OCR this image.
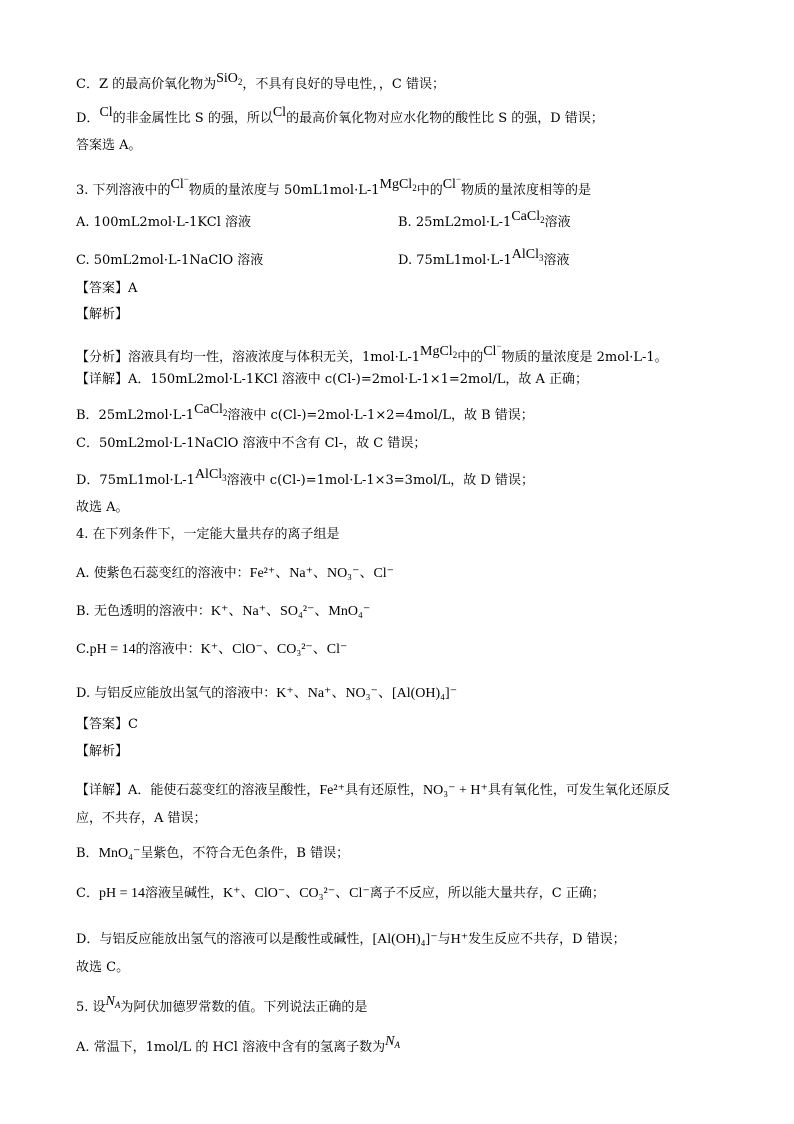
C．Z 的最高价氧化物为SiO$_2$，不具有良好的导电性，，C 错误；
D．Cl的非金属性比 S 的强，所以Cl的最高价氧化物对应水化物的酸性比 S 的强，D 错误；
答案选 A。
3. 下列溶液中的Cl−物质的量浓度与 50mL1mol·L-1MgCl$_2$中的Cl−物质的量浓度相等的是
A. 100mL2mol·L-1KCl 溶液	B. 25mL2mol·L-1CaCl$_2$溶液
C. 50mL2mol·L-1NaClO 溶液	D. 75mL1mol·L-1AlCl$_3$溶液
【答案】A
【解析】
【分析】溶液具有均一性，溶液浓度与体积无关，1mol·L-1MgCl$_2$中的Cl−物质的量浓度是 2mol·L-1。
【详解】A．150mL2mol·L-1KCl 溶液中 c(Cl-)=2mol·L-1×1=2mol/L，故 A 正确；
B．25mL2mol·L-1CaCl$_2$溶液中 c(Cl-)=2mol·L-1×2=4mol/L，故 B 错误；
C．50mL2mol·L-1NaClO 溶液中不含有 Cl-，故 C 错误；
D．75mL1mol·L-1AlCl$_3$溶液中 c(Cl-)=1mol·L-1×3=3mol/L，故 D 错误；
故选 A。
4. 在下列条件下，一定能大量共存的离子组是
A. 使紫色石蕊变红的溶液中：Fe²⁺、Na⁺、NO₃⁻、Cl⁻
B. 无色透明的溶液中：K⁺、Na⁺、SO₄²⁻、MnO₄⁻
C.pH = 14的溶液中：K⁺、ClO⁻、CO₃²⁻、Cl⁻
D. 与铝反应能放出氢气的溶液中：K⁺、Na⁺、NO₃⁻、[Al(OH)₄]⁻
【答案】C
【解析】
【详解】A．能使石蕊变红的溶液呈酸性，Fe²⁺具有还原性，NO₃⁻ + H⁺具有氧化性，可发生氧化还原反
应，不共存，A 错误；
B．MnO₄⁻呈紫色，不符合无色条件，B 错误；
C．pH = 14溶液呈碱性，K⁺、ClO⁻、CO₃²⁻、Cl⁻离子不反应，所以能大量共存，C 正确；
D．与铝反应能放出氢气的溶液可以是酸性或碱性，[Al(OH)₄]⁻与H⁺发生反应不共存，D 错误；
故选 C。
5. 设$N_A$为阿伏加德罗常数的值。下列说法正确的是
A. 常温下，1mol/L 的 HCl 溶液中含有的氢离子数为$N_A$
